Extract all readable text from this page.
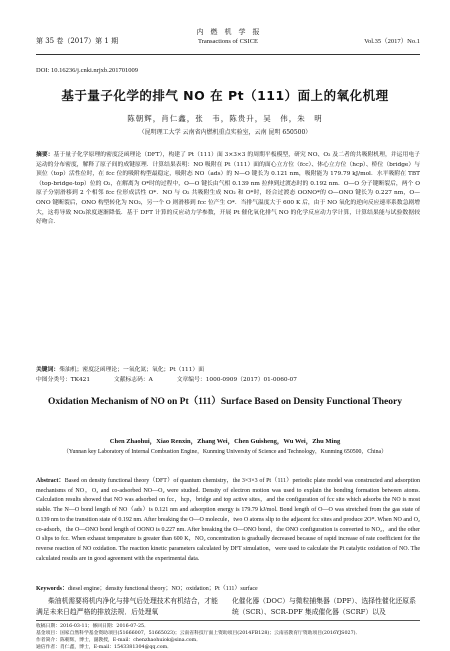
第 35 卷（2017）第 1 期
内　燃　机　学　报
Transactions of CSICE	Vol.35（2017）No.1
DOI: 10.16236/j.cnki.nrjxb.201701009
基于量子化学的排气 NO 在 Pt（111）面上的氧化机理
陈朝辉，肖仁鑫，张　韦，陈贵升，吴　伟，朱　明
（昆明理工大学 云南省内燃机重点实验室，云南 昆明 650500）
摘要：基于量子化学原理的密度泛函理论（DFT），构建了 Pt（111）面 3×3×3 的周期平板模型，研究 NO、O₂ 及二者的共吸附机理，并运用电子运动的分布密度，解释了原子间的成键原理．计算结果表明：NO 吸附在 Pt（111）面的面心立方位（fcc）、体心立方位（hcp）、桥位（bridge）与顶位（top）活性位时，在 fcc 位的吸附构型最稳定，吸附态 NO（ads）的 N—O 键长为 0.121 nm，吸附能为 179.79 kJ/mol．水平吸附在 TBT（top-bridge-top）位的 O₂，在解离为 O*时的过程中，O—O 键长由气相 0.139 nm 拉伸到过渡态时的 0.192 nm．O—O 分子键断裂后，两个 O 原子分别滑移到 2 个相邻 fcc 位形成活性 O*．NO 与 O₂ 共吸附生成 NO₂ 和 O*时，经合过渡态 OONO*的 O—ONO 键长为 0.227 nm，O—ONO 键断裂后，ONO 构型转化为 NO₂，另一个 O 则滑移到 fcc 位产生 O*．当排气温度大于 600 K 后，由于 NO 氧化的逆向反应速率系数急剧增大，这将导致 NO₂浓度逐渐降低．基于 DFT 计算的反应动力学参数，开展 Pt 催化氧化排气 NO 的化学反应动力学计算，计算结果能与试验数据较好吻合．
关键词：柴油机；密度泛函理论；一氧化氮；氧化；Pt（111）面
中图分类号：TK421	文献标志码：A	文章编号：1000-0909（2017）01-0060-07
Oxidation Mechanism of NO on Pt（111）Surface Based on Density Functional Theory
Chen Zhaohui，Xiao Renxin，Zhang Wei，Chen Guisheng，Wu Wei，Zhu Ming
（Yunnan key Laboratory of Internal Combustion Engine，Kunming University of Science and Technology，Kunming 650500，China）
Abstract：Based on density functional theory（DFT）of quantum chemistry，the 3×3×3 of Pt（111）periodic plate model was constructed and adsorption mechanisms of NO，O₂ and co-adsorbed NO—O₂ were studied. Density of electron motion was used to explain the bonding formation between atoms. Calculation results showed that NO was adsorbed on fcc，hcp，bridge and top active sites，and the configuration of fcc site which adsorbs the NO is most stable. The N—O bond length of NO（ads）is 0.121 nm and adsorption energy is 179.79 kJ/mol. Bond length of O—O was stretched from the gas state of 0.139 nm to the transition state of 0.192 nm. After breaking the O—O molecule，two O atoms slip to the adjacent fcc sites and produce 2O*. When NO and O₂ co-adsorb，the O—ONO bond length of OONO is 0.227 nm. After breaking the O—ONO bond，the ONO configuration is converted to NO₂，and the other O slips to fcc. When exhaust temperature is greater than 600 K，NO₂ concentration is gradually decreased because of rapid increase of rate coefficient for the reverse reaction of NO oxidation. The reaction kinetic parameters calculated by DFT simulation，were used to calculate the Pt catalytic oxidation of NO. The calculated results are in good agreement with the experimental data.
Keywords：diesel engine；density functional theory；NO；oxidation；Pt（111）surface
柴油机需要将机内净化与排气后处理技术有机结合，才能满足未来日趋严格的排放法规．后处理氧
化催化器（DOC）与微粒捕集器（DPF）、选择性催化还原系统（SCR）、SCR-DPF 集成催化器（SCRF）以及
收稿日期：2016-03-11；修回日期：2016-07-25．
基金项目：国家自然科学基金资助项目(51666007，51665023)；云南省科技厅面上资助项目(2014FB128)；云南省教育厅资助项目(2016YJS027)．
作者简介：陈朝辉，博士，副教授，E-mail：chenzhaohuiok@sina.com．
通信作者：肖仁鑫，博士，E-mail：1543381304@qq.com．
